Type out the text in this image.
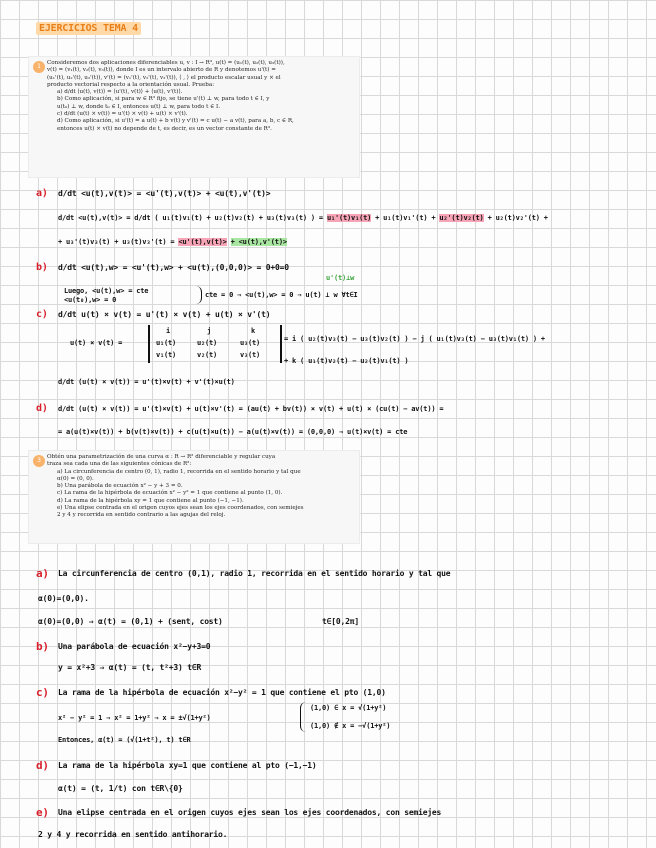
EJERCICIOS TEMA 4
1	Consideremos dos aplicaciones diferenciables u, v : I → R³, u(t) = (u₁(t), u₂(t), u₃(t)),

v(t) = (v₁(t), v₂(t), v₃(t)), donde I es un intervalo abierto de R y denotemos u'(t) =

(u₁'(t), u₂'(t), u₃'(t)), v'(t) = (v₁'(t), v₂'(t), v₃'(t)), ⟨ , ⟩ el producto escalar usual y × el

producto vectorial respecto a la orientación usual. Prueba:

a) d/dt ⟨u(t), v(t)⟩ = ⟨u'(t), v(t)⟩ + ⟨u(t), v'(t)⟩.

b) Como aplicación, si para w ∈ R³ fijo, se tiene u'(t) ⊥ w, para todo t ∈ I, y

u(t₀) ⊥ w, donde t₀ ∈ I, entonces u(t) ⊥ w, para todo t ∈ I.

c) d/dt (u(t) × v(t)) = u'(t) × v(t) + u(t) × v'(t).

d) Como aplicación, si u'(t) = a u(t) + b v(t) y v'(t) = c u(t) − a v(t), para a, b, c ∈ R,

entonces u(t) × v(t) no depende de t, es decir, es un vector constante de R³.

a) d/dt <u(t),v(t)> = <u'(t),v(t)> + <u(t),v'(t)>
d/dt <u(t),v(t)> = d/dt ( u₁(t)v₁(t) + u₂(t)v₂(t) + u₃(t)v₃(t) ) = u₁'(t)v₁(t) + u₁(t)v₁'(t) + u₂'(t)v₂(t) + u₂(t)v₂'(t) +
+ u₃'(t)v₃(t) + u₃(t)v₃'(t) = <u'(t),v(t)> + <u(t),v'(t)>
b) d/dt <u(t),w> = <u'(t),w> + <u(t),(0,0,0)> = 0+0=0
u'(t)⊥w
Luego, <u(t),w> = cte
<u(t₀),w> = 0
cte = 0 ⇒ <u(t),w> = 0 ⇒ u(t) ⊥ w ∀t∈I
c) d/dt u(t) × v(t) = u'(t) × v(t) + u(t) × v'(t)
u(t) × v(t) =
i	j	k
u₁(t)	u₂(t)	u₃(t)
v₁(t)	v₂(t)	v₃(t)
= i ( u₂(t)v₃(t) − u₃(t)v₂(t) ) − j ( u₁(t)v₃(t) − u₃(t)v₁(t) ) +
+ k ( u₁(t)v₂(t) − u₂(t)v₁(t) )
d/dt (u(t) × v(t)) = u'(t)×v(t) + v'(t)×u(t)
d) d/dt (u(t) × v(t)) = u'(t)×v(t) + u(t)×v'(t) = (au(t) + bv(t)) × v(t) + u(t) × (cu(t) − av(t)) =
= a(u(t)×v(t)) + b(v(t)×v(t)) + c(u(t)×u(t)) − a(u(t)×v(t)) = (0,0,0) ⇒ u(t)×v(t) = cte
3	Obtén una parametrización de una curva α : R → R² diferenciable y regular cuya

traza sea cada una de las siguientes cónicas de R²:

a) La circunferencia de centro (0, 1), radio 1, recorrida en el sentido horario y tal que

α(0) = (0, 0).

b) Una parábola de ecuación x² − y + 3 = 0.

c) La rama de la hipérbola de ecuación x² − y² = 1 que contiene al punto (1, 0).

d) La rama de la hipérbola xy = 1 que contiene al punto (−1, −1).

e) Una elipse centrada en el origen cuyos ejes sean los ejes coordenados, con semiejes

2 y 4 y recorrida en sentido contrario a las agujas del reloj.

a) La circunferencia de centro (0,1), radio 1, recorrida en el sentido horario y tal que
α(0)=(0,0).
α(0)=(0,0) ⇒ α(t) = (0,1) + (sent, cost)	t∈[0,2π]
b) Una parábola de ecuación x²−y+3=0
y = x²+3 ⇒ α(t) = (t, t²+3) t∈R
c) La rama de la hipérbola de ecuación x²−y² = 1 que contiene el pto (1,0)
x² − y² = 1 ⇒ x² = 1+y² ⇒ x = ±√(1+y²)
(1,0) ∈ x = √(1+y²)
(1,0) ∉ x = −√(1+y²)
Entonces, α(t) = (√(1+t²), t) t∈R
d) La rama de la hipérbola xy=1 que contiene al pto (−1,−1)
α(t) = (t, 1/t) con t∈R\{0}
e) Una elipse centrada en el origen cuyos ejes sean los ejes coordenados, con semiejes
2 y 4 y recorrida en sentido antihorario.
